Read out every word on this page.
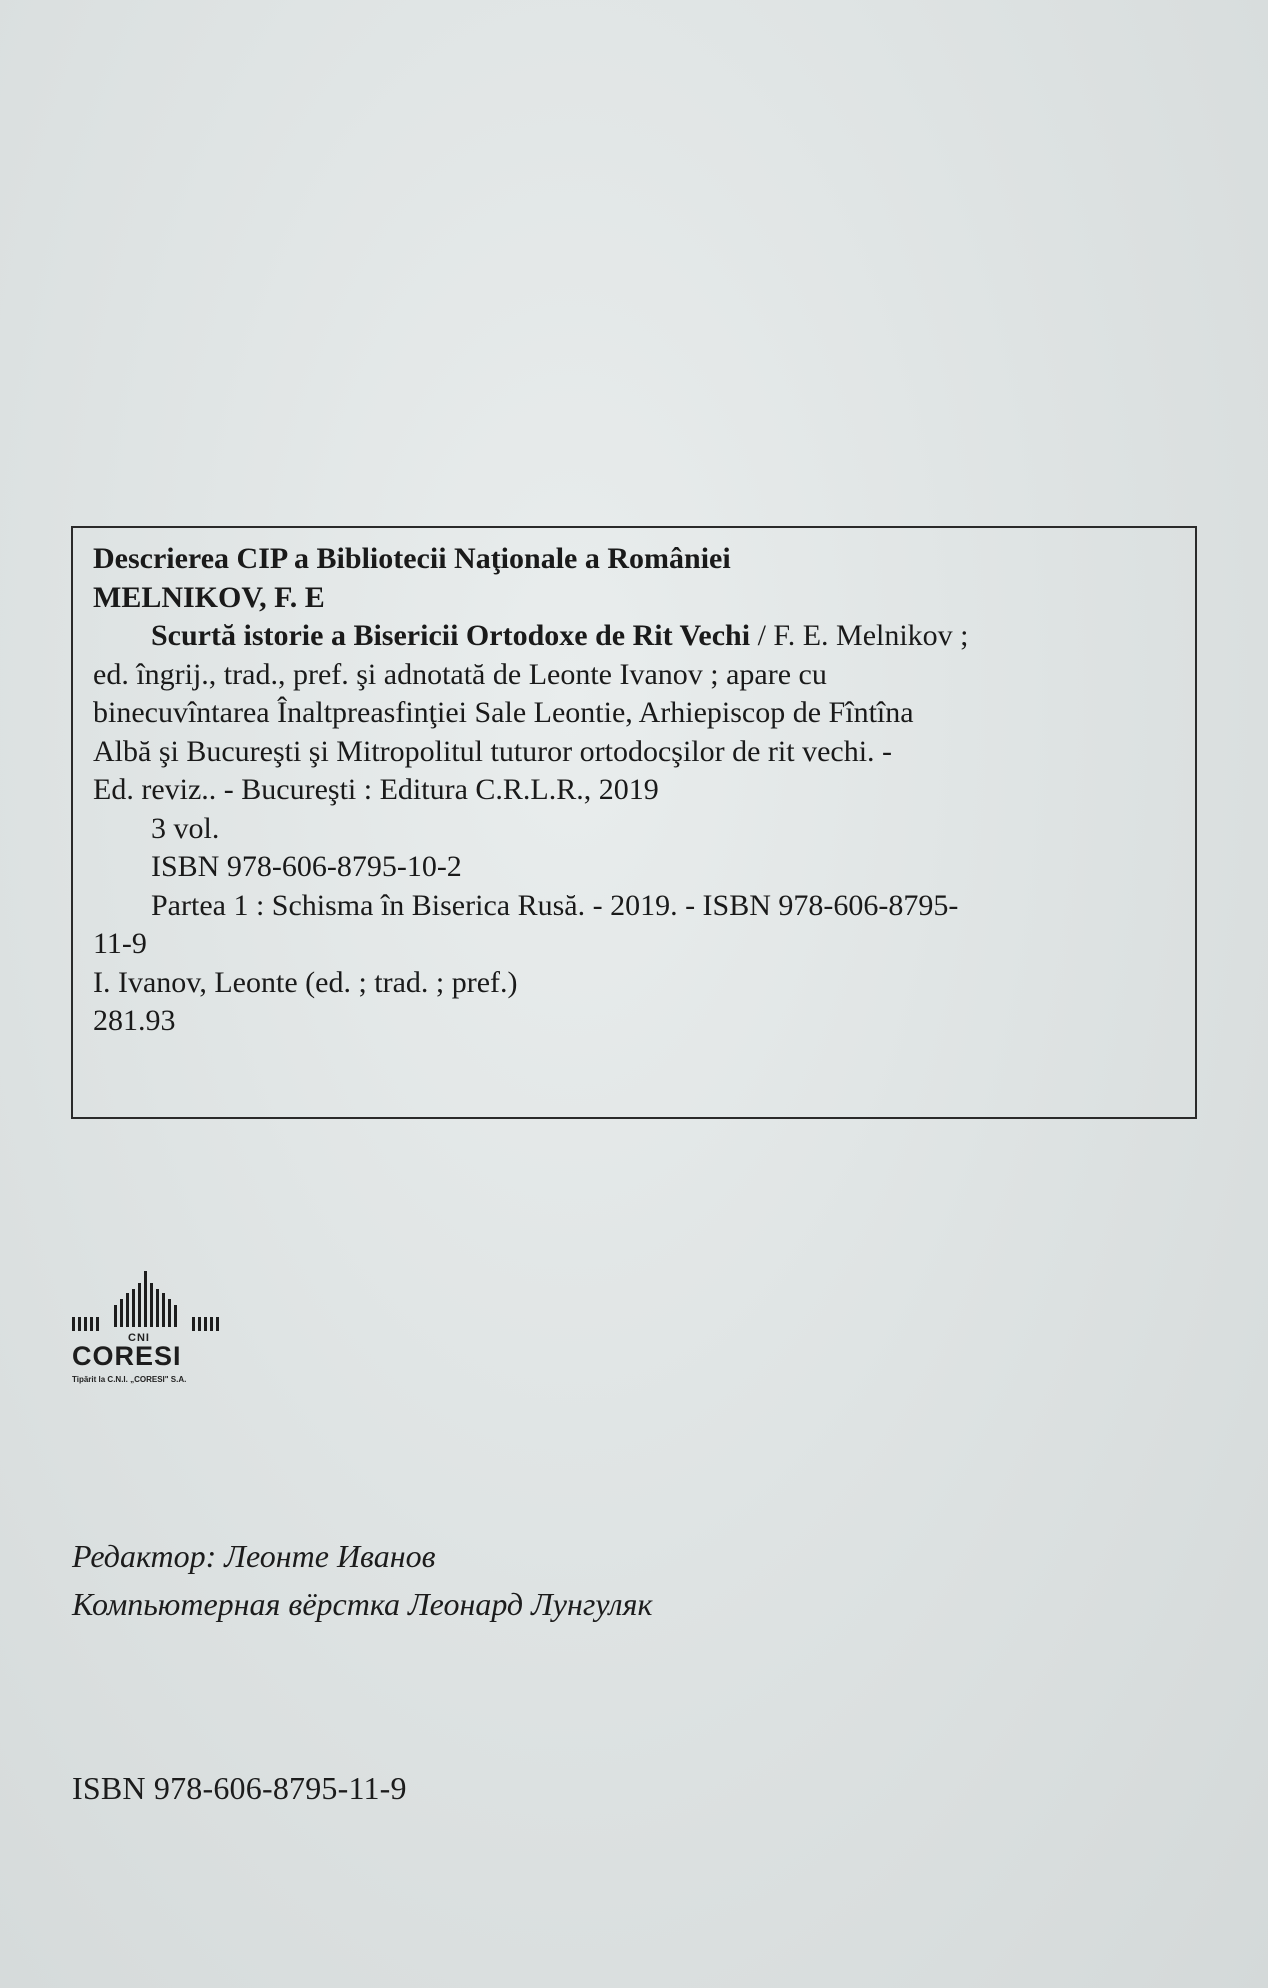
Descrierea CIP a Bibliotecii Naţionale a României
MELNIKOV, F. E
Scurtă istorie a Bisericii Ortodoxe de Rit Vechi / F. E. Melnikov ;
ed. îngrij., trad., pref. şi adnotată de Leonte Ivanov ; apare cu
binecuvîntarea Înaltpreasfinţiei Sale Leontie, Arhiepiscop de Fîntîna
Albă şi Bucureşti şi Mitropolitul tuturor ortodocşilor de rit vechi. -
Ed. reviz.. - Bucureşti : Editura C.R.L.R., 2019
3 vol.
ISBN 978-606-8795-10-2
Partea 1 : Schisma în Biserica Rusă. - 2019. - ISBN 978-606-8795-
11-9
I. Ivanov, Leonte (ed. ; trad. ; pref.)
281.93
CNI
CORESI
Tipărit la C.N.I. „CORESI" S.A.
Редактор: Леонте Иванов
Компьютерная вёрстка Леонард Лунгуляк
ISBN 978-606-8795-11-9
